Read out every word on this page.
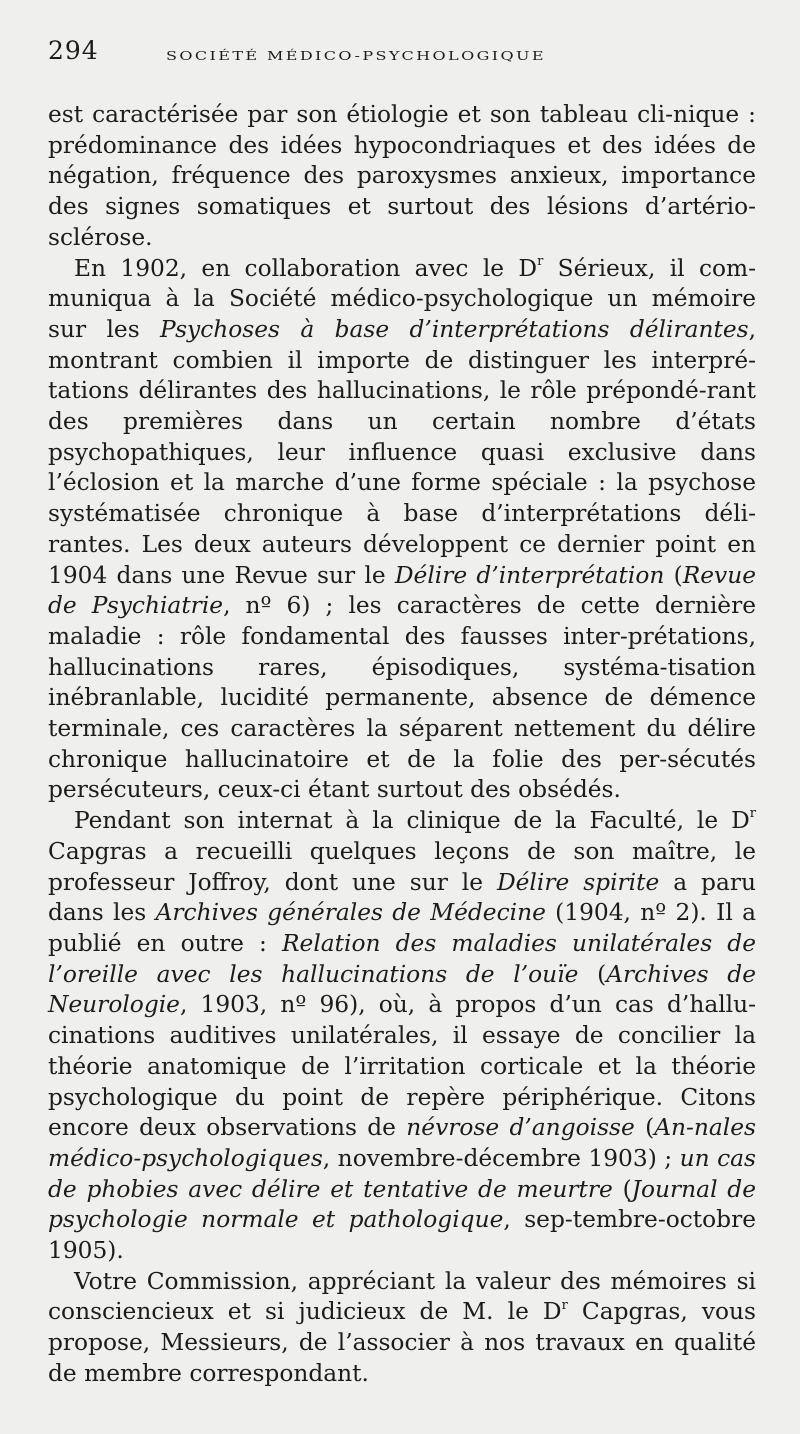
294	SOCIÉTÉ MÉDICO-PSYCHOLOGIQUE

est caractérisée par son étiologie et son tableau cli-nique : prédominance des idées hypocondriaques et des idées de négation, fréquence des paroxysmes anxieux, importance des signes somatiques et surtout des lésions d’artério-sclérose.

En 1902, en collaboration avec le $D^r$ Sérieux, il com-muniqua à la Société médico-psychologique un mémoire sur les Psychoses à base d’interprétations délirantes, montrant combien il importe de distinguer les interpré-tations délirantes des hallucinations, le rôle prépondé-rant des premières dans un certain nombre d’états psychopathiques, leur influence quasi exclusive dans l’éclosion et la marche d’une forme spéciale : la psychose systématisée chronique à base d’interprétations déli-rantes. Les deux auteurs développent ce dernier point en 1904 dans une Revue sur le Délire d’interprétation (Revue de Psychiatrie, nº 6) ; les caractères de cette dernière maladie : rôle fondamental des fausses inter-prétations, hallucinations rares, épisodiques, systéma-tisation inébranlable, lucidité permanente, absence de démence terminale, ces caractères la séparent nettement du délire chronique hallucinatoire et de la folie des per-sécutés persécuteurs, ceux-ci étant surtout des obsédés.

Pendant son internat à la clinique de la Faculté, le $D^r$ Capgras a recueilli quelques leçons de son maître, le professeur Joffroy, dont une sur le Délire spirite a paru dans les Archives générales de Médecine (1904, nº 2). Il a publié en outre : Relation des maladies unilatérales de l’oreille avec les hallucinations de l’ouïe (Archives de Neurologie, 1903, nº 96), où, à propos d’un cas d’hallu-cinations auditives unilatérales, il essaye de concilier la théorie anatomique de l’irritation corticale et la théorie psychologique du point de repère périphérique. Citons encore deux observations de névrose d’angoisse (An-nales médico-psychologiques, novembre-décembre 1903) ; un cas de phobies avec délire et tentative de meurtre (Journal de psychologie normale et pathologique, sep-tembre-octobre 1905).

Votre Commission, appréciant la valeur des mémoires si consciencieux et si judicieux de M. le $D^r$ Capgras, vous propose, Messieurs, de l’associer à nos travaux en qualité de membre correspondant.
